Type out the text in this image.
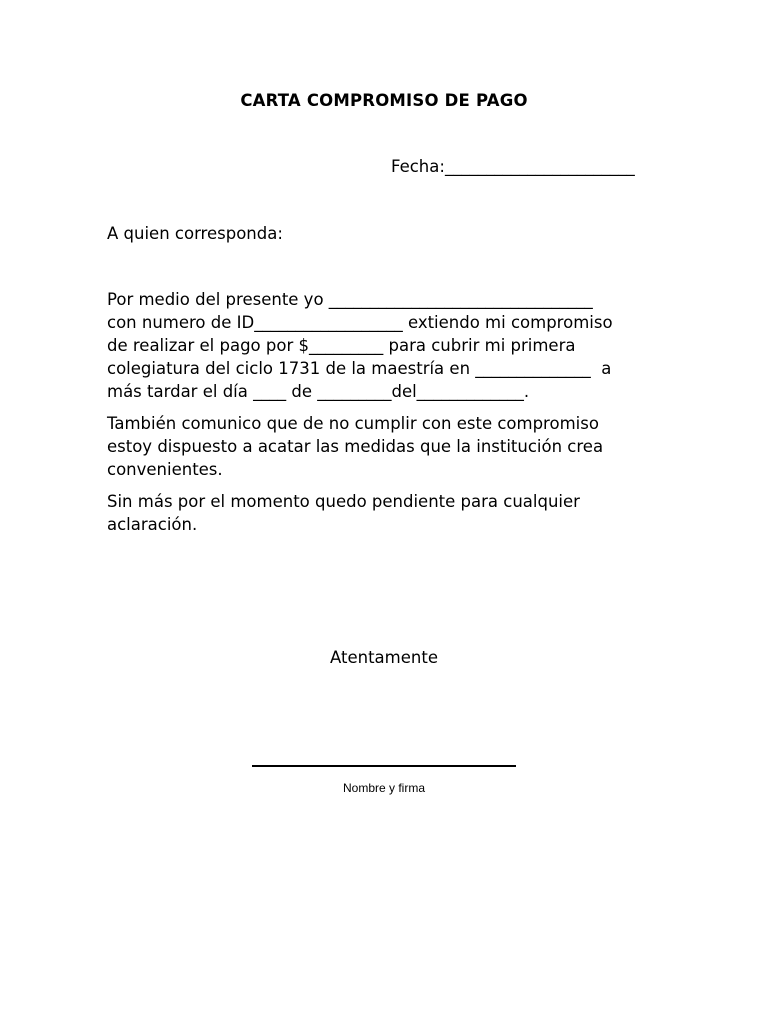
CARTA COMPROMISO DE PAGO
Fecha:_______________________
A quien corresponda:

Por medio del presente yo ________________________________
con numero de ID__________________ extiendo mi compromiso
de realizar el pago por $_________ para cubrir mi primera
colegiatura del ciclo 1731 de la maestría en ______________  a
más tardar el día ____ de _________del_____________.

También comunico que de no cumplir con este compromiso
estoy dispuesto a acatar las medidas que la institución crea
convenientes.

Sin más por el momento quedo pendiente para cualquier
aclaración.

Atentamente
Nombre y firma
